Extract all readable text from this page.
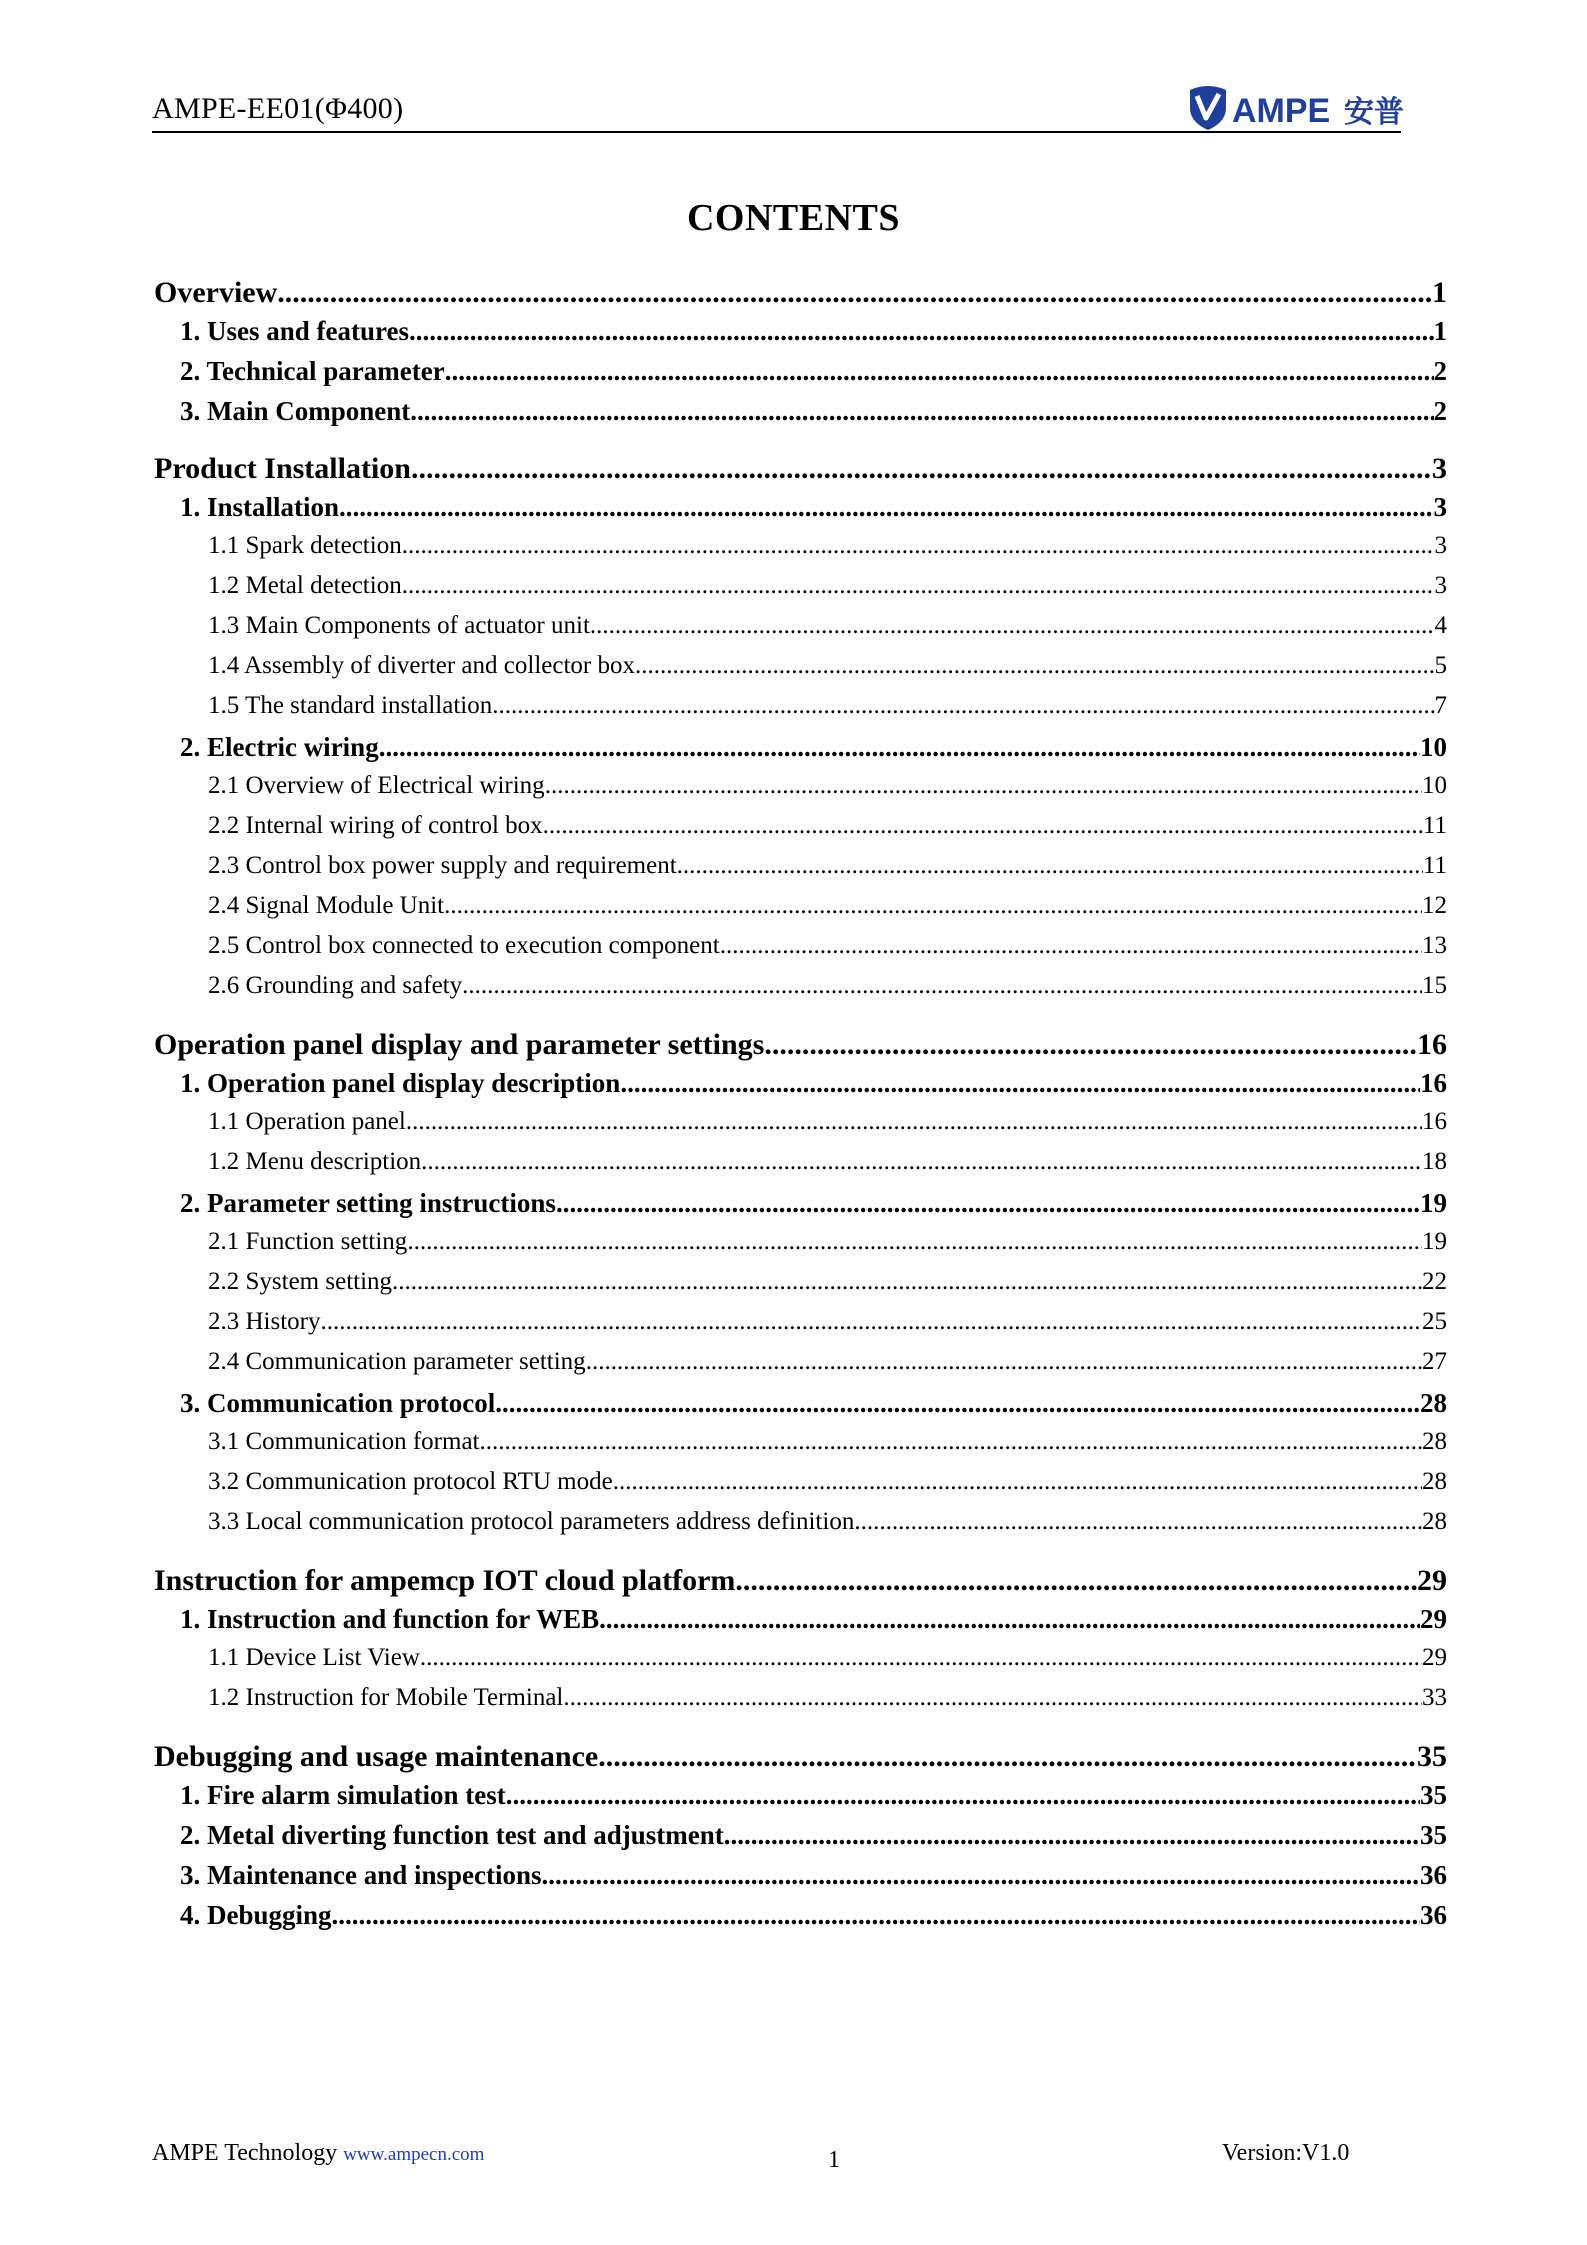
AMPE-EE01(Φ400)	AMPE 安普
CONTENTS
Overview .....	1
1. Uses and features .....	1
2. Technical parameter .....	2
3. Main Component .....	2
Product Installation .....	3
1. Installation .....	3
1.1 Spark detection .....	3
1.2 Metal detection .....	3
1.3 Main Components of actuator unit .....	4
1.4 Assembly of diverter and collector box .....	5
1.5 The standard installation .....	7
2. Electric wiring .....	10
2.1 Overview of Electrical wiring .....	10
2.2 Internal wiring of control box .....	11
2.3 Control box power supply and requirement .....	11
2.4 Signal Module Unit .....	12
2.5 Control box connected to execution component .....	13
2.6 Grounding and safety .....	15
Operation panel display and parameter settings .....	16
1. Operation panel display description .....	16
1.1 Operation panel .....	16
1.2 Menu description .....	18
2. Parameter setting instructions .....	19
2.1 Function setting .....	19
2.2 System setting .....	22
2.3 History .....	25
2.4 Communication parameter setting .....	27
3. Communication protocol .....	28
3.1 Communication format .....	28
3.2 Communication protocol RTU mode .....	28
3.3 Local communication protocol parameters address definition .....	28
Instruction for ampemcp IOT cloud platform .....	29
1. Instruction and function for WEB .....	29
1.1 Device List View .....	29
1.2 Instruction for Mobile Terminal .....	33
Debugging and usage maintenance .....	35
1. Fire alarm simulation test .....	35
2. Metal diverting function test and adjustment .....	35
3. Maintenance and inspections .....	36
4. Debugging .....	36
AMPE Technology www.ampecn.com	1	Version:V1.0
